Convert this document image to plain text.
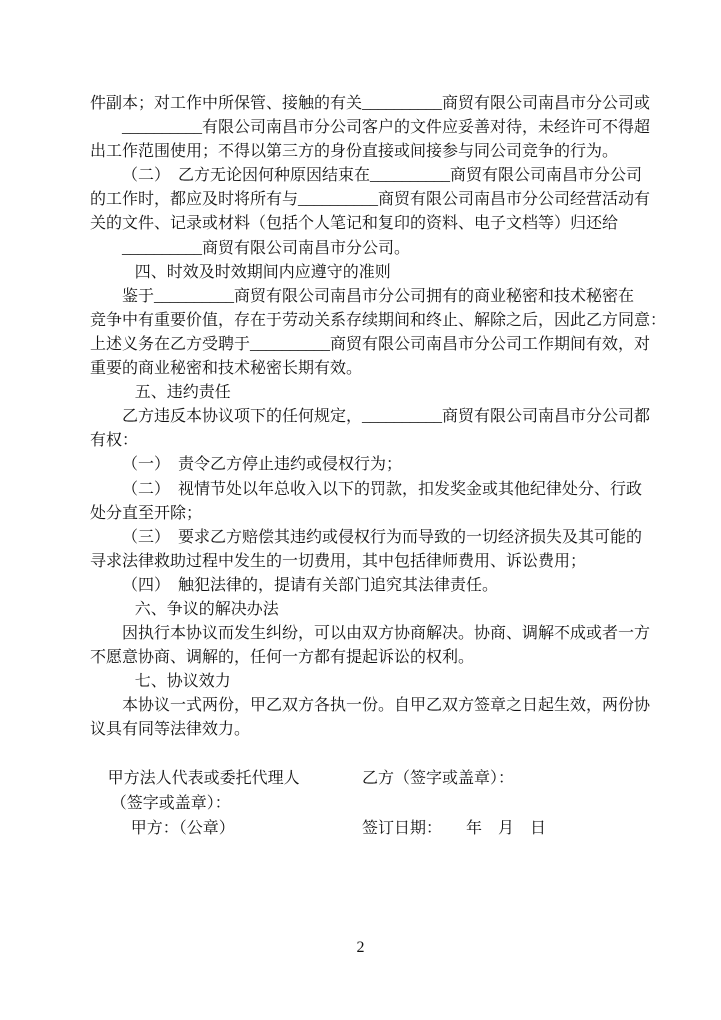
件副本；对工作中所保管、接触的有关__________商贸有限公司南昌市分公司或
__________有限公司南昌市分公司客户的文件应妥善对待，未经许可不得超
出工作范围使用；不得以第三方的身份直接或间接参与同公司竞争的行为。
（二）　乙方无论因何种原因结束在__________商贸有限公司南昌市分公司
的工作时，都应及时将所有与__________商贸有限公司南昌市分公司经营活动有
关的文件、记录或材料（包括个人笔记和复印的资料、电子文档等）归还给
__________商贸有限公司南昌市分公司。
四、时效及时效期间内应遵守的准则
鉴于__________商贸有限公司南昌市分公司拥有的商业秘密和技术秘密在
竞争中有重要价值，存在于劳动关系存续期间和终止、解除之后，因此乙方同意：
上述义务在乙方受聘于__________商贸有限公司南昌市分公司工作期间有效，对
重要的商业秘密和技术秘密长期有效。
五、违约责任
乙方违反本协议项下的任何规定，__________商贸有限公司南昌市分公司都
有权：
（一）　责令乙方停止违约或侵权行为；
（二）　视情节处以年总收入以下的罚款，扣发奖金或其他纪律处分、行政
处分直至开除；
（三）　要求乙方赔偿其违约或侵权行为而导致的一切经济损失及其可能的
寻求法律救助过程中发生的一切费用，其中包括律师费用、诉讼费用；
（四）　触犯法律的，提请有关部门追究其法律责任。
六、争议的解决办法
因执行本协议而发生纠纷，可以由双方协商解决。协商、调解不成或者一方
不愿意协商、调解的，任何一方都有提起诉讼的权利。
七、协议效力
本协议一式两份，甲乙双方各执一份。自甲乙双方签章之日起生效，两份协
议具有同等法律效力。
甲方法人代表或委托代理人	乙方（签字或盖章）：
（签字或盖章）：
甲方：（公章）	签订日期：      年    月    日
2
